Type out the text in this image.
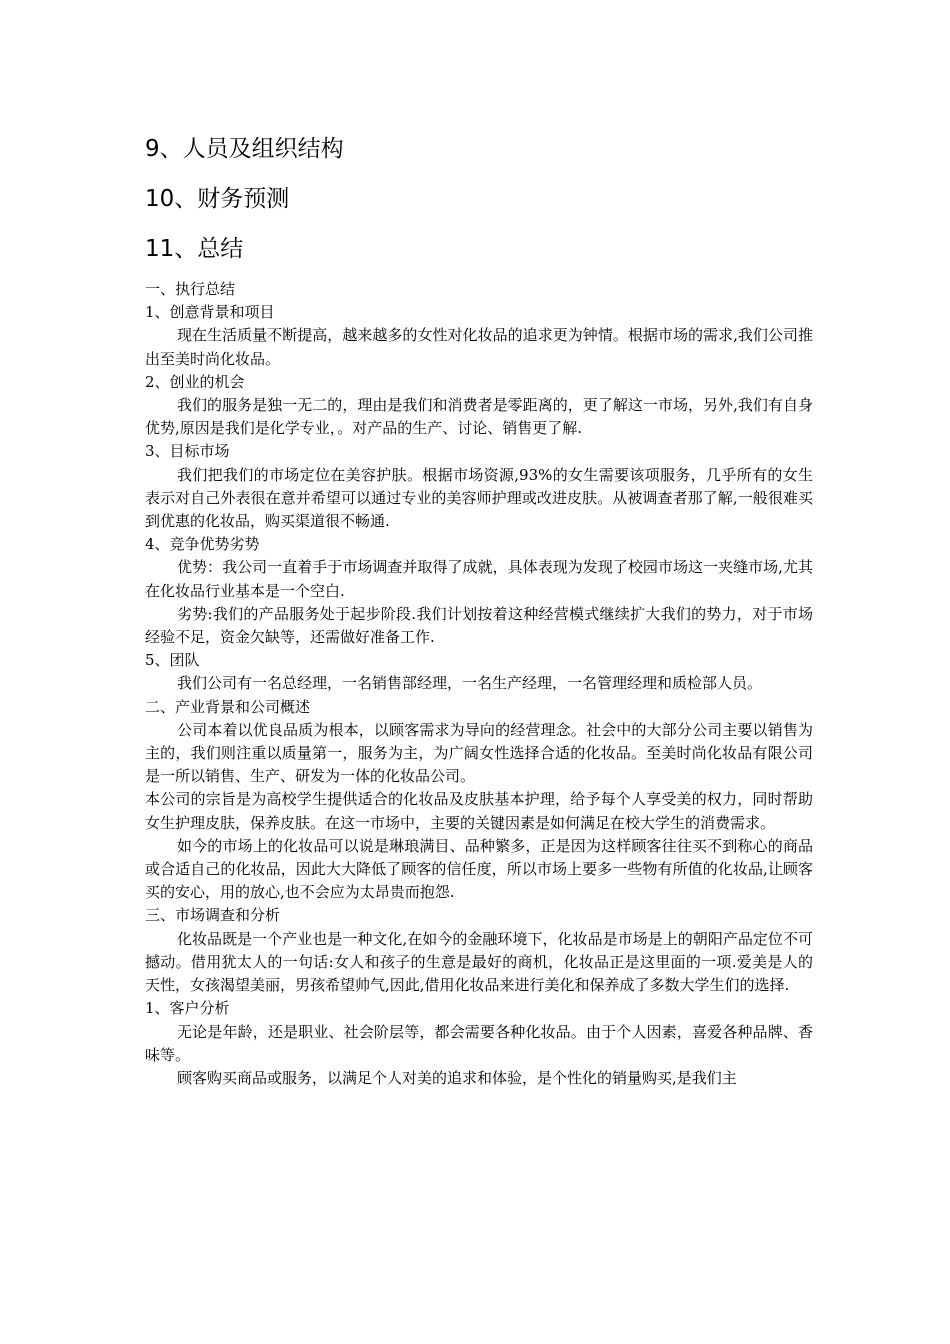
9、人员及组织结构
10、财务预测
11、总结

一、执行总结

1、创意背景和项目

现在生活质量不断提高，越来越多的女性对化妆品的追求更为钟情。根据市场的需求,我们公司推出至美时尚化妆品。

2、创业的机会

我们的服务是独一无二的，理由是我们和消费者是零距离的，更了解这一市场，另外,我们有自身优势,原因是我们是化学专业，。对产品的生产、讨论、销售更了解.

3、目标市场

我们把我们的市场定位在美容护肤。根据市场资源,93%的女生需要该项服务，几乎所有的女生表示对自己外表很在意并希望可以通过专业的美容师护理或改进皮肤。从被调查者那了解,一般很难买到优惠的化妆品，购买渠道很不畅通.

4、竞争优势劣势

优势：我公司一直着手于市场调查并取得了成就，具体表现为发现了校园市场这一夹缝市场,尤其在化妆品行业基本是一个空白.

劣势:我们的产品服务处于起步阶段.我们计划按着这种经营模式继续扩大我们的势力，对于市场经验不足，资金欠缺等，还需做好准备工作.

5、团队

我们公司有一名总经理，一名销售部经理，一名生产经理，一名管理经理和质检部人员。

二、产业背景和公司概述

公司本着以优良品质为根本，以顾客需求为导向的经营理念。社会中的大部分公司主要以销售为主的，我们则注重以质量第一，服务为主，为广阔女性选择合适的化妆品。至美时尚化妆品有限公司是一所以销售、生产、研发为一体的化妆品公司。

本公司的宗旨是为高校学生提供适合的化妆品及皮肤基本护理，给予每个人享受美的权力，同时帮助女生护理皮肤，保养皮肤。在这一市场中，主要的关键因素是如何满足在校大学生的消费需求。

如今的市场上的化妆品可以说是琳琅满目、品种繁多，正是因为这样顾客往往买不到称心的商品或合适自己的化妆品，因此大大降低了顾客的信任度，所以市场上要多一些物有所值的化妆品,让顾客买的安心，用的放心,也不会应为太昂贵而抱怨.

三、市场调查和分析

化妆品既是一个产业也是一种文化,在如今的金融环境下，化妆品是市场是上的朝阳产品定位不可撼动。借用犹太人的一句话:女人和孩子的生意是最好的商机，化妆品正是这里面的一项.爱美是人的天性，女孩渴望美丽，男孩希望帅气,因此,借用化妆品来进行美化和保养成了多数大学生们的选择.

1、客户分析

无论是年龄，还是职业、社会阶层等，都会需要各种化妆品。由于个人因素，喜爱各种品牌、香味等。

顾客购买商品或服务，以满足个人对美的追求和体验，是个性化的销量购买,是我们主
